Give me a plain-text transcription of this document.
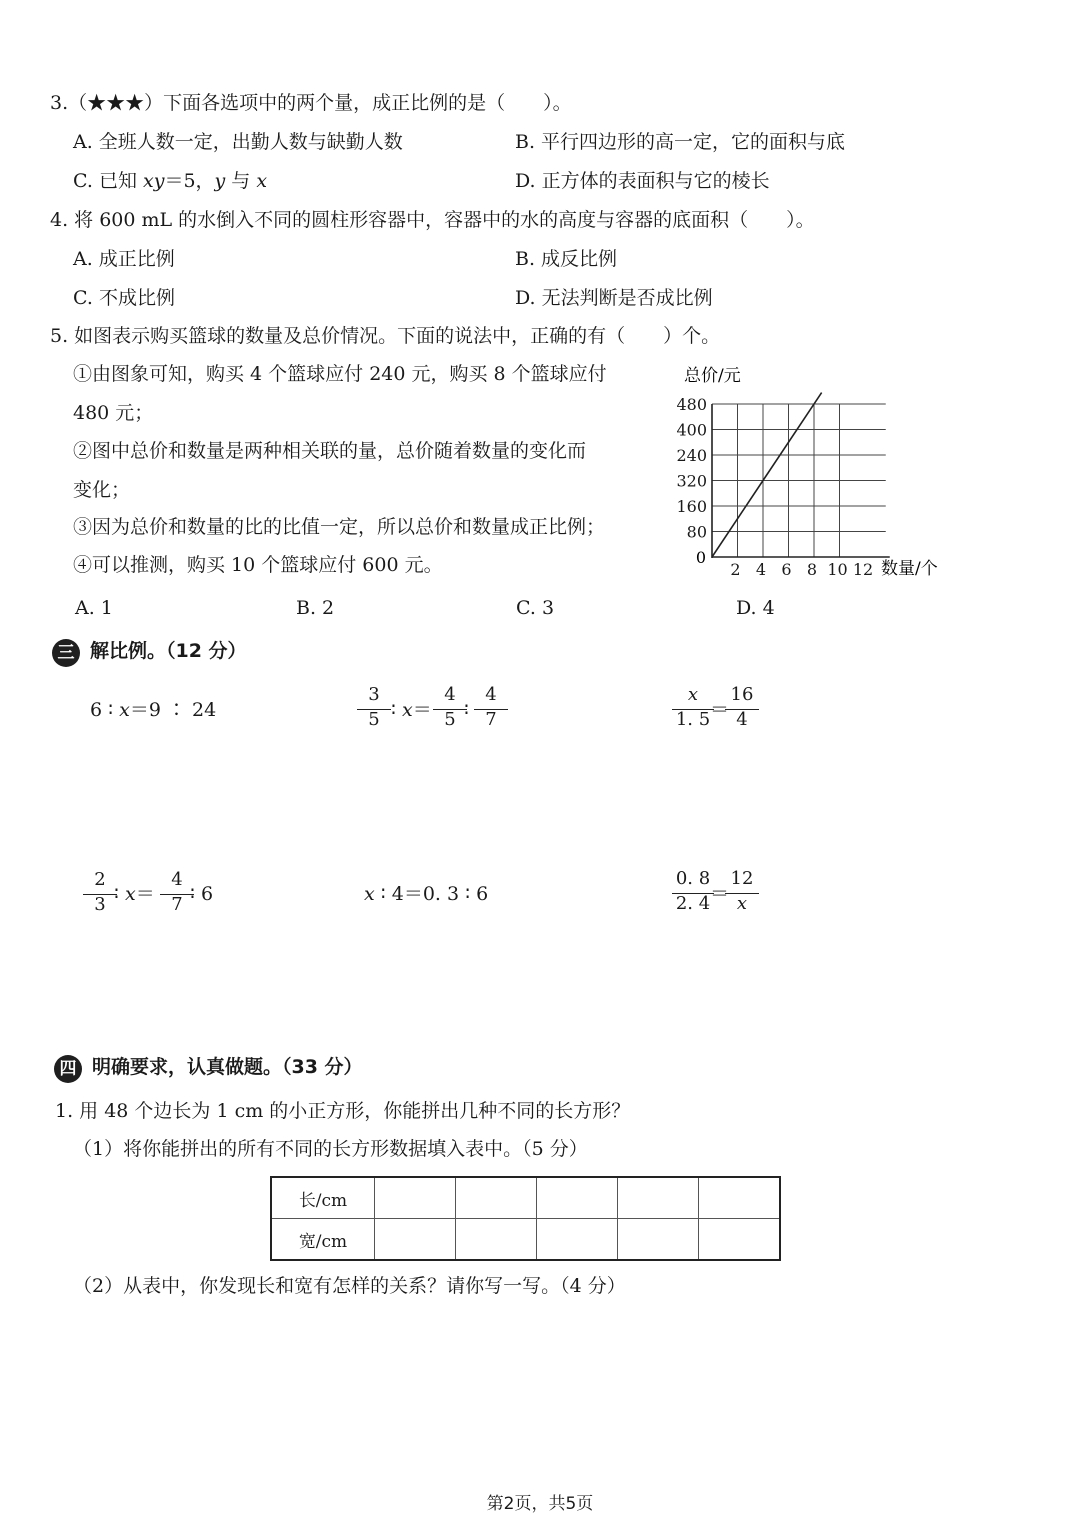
3.（★★★）下面各选项中的两个量，成正比例的是（　　）。
A. 全班人数一定，出勤人数与缺勤人数	B. 平行四边形的高一定，它的面积与底
C. 已知 xy＝5，y 与 x	D. 正方体的表面积与它的棱长
4. 将 600 mL 的水倒入不同的圆柱形容器中，容器中的水的高度与容器的底面积（　　）。
A. 成正比例	B. 成反比例
C. 不成比例	D. 无法判断是否成比例
5. 如图表示购买篮球的数量及总价情况。下面的说法中，正确的有（　　）个。
①由图象可知，购买 4 个篮球应付 240 元，购买 8 个篮球应付
480 元；
②图中总价和数量是两种相关联的量，总价随着数量的变化而
变化；
③因为总价和数量的比的比值一定，所以总价和数量成正比例；
④可以推测，购买 10 个篮球应付 600 元。
A. 1	B. 2	C. 3	D. 4
总价/元
数量/个
0
80
160
320
240
400
480
2 4 6 8 10 12
三 解比例。（12 分）
6 ∶ x＝9 ∶ 24
3
5 ∶ x＝
4
5 ∶
4
7
x
1. 5 ＝
16
4
2
3 ∶ x＝
4
7 ∶ 6	x ∶ 4＝0. 3 ∶ 6
0. 8
2. 4 ＝
12
x
四 明确要求，认真做题。（33 分）
1. 用 48 个边长为 1 cm 的小正方形，你能拼出几种不同的长方形？
（1）将你能拼出的所有不同的长方形数据填入表中。（5 分）
长/cm					
宽/cm					
（2）从表中，你发现长和宽有怎样的关系？请你写一写。（4 分）
第2页，共5页
